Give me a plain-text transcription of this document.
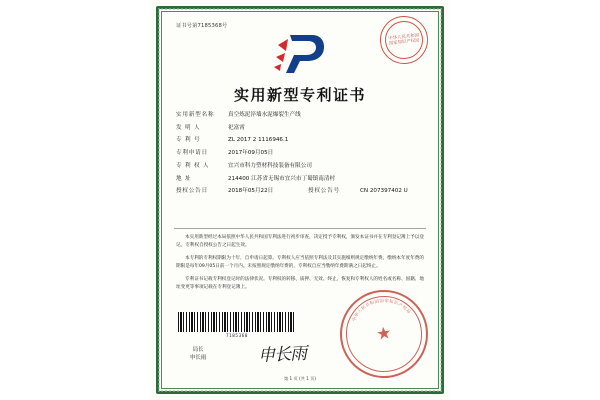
证书号第7185368号
中华人民共和国国家知识产权局
实用新型专利证书
实用新型名称	真空炼泥淬墙水泥爆裂生产线
发 明 人	祀富霄
专 利 号	ZL 2017 2 1116946.1
专利申请日	2017年09月05日
专 利 权 人	宜兴市科力塑材科技装备有限公司
地 址	214400 江苏省无锡市宜兴市丁蜀镇南清村
授权公告日	2018年05月22日	授权公告号	CN 207397402 U

本实用新型经过本局依照中华人民共和国专利法进行初步审查，决定授予专利权，颁发本证书并在专利登记簿上予以登记。专利权自授权公告之日起生效。

本专利的专利权期限为十年，自申请日起算。专利权人应当依照专利法及其实施细则规定缴纳年费。缴纳本年度年费的期限是每年09月05日前一个月内。未按照规定缴纳年费的，专利权自应当缴纳年费期满之日起终止。

专利证书记载专利权登记时的法律状况。专利权的转移、质押、无效、终止、恢复和专利权人的姓名或名称、国籍、地址变更等事项记载在专利登记簿上。

7185368
局长
申长雨	申长雨
★
中
华
人
民
共
和
国 国 家 知
识
产
权
局
第 1 页 (共 1 页)
